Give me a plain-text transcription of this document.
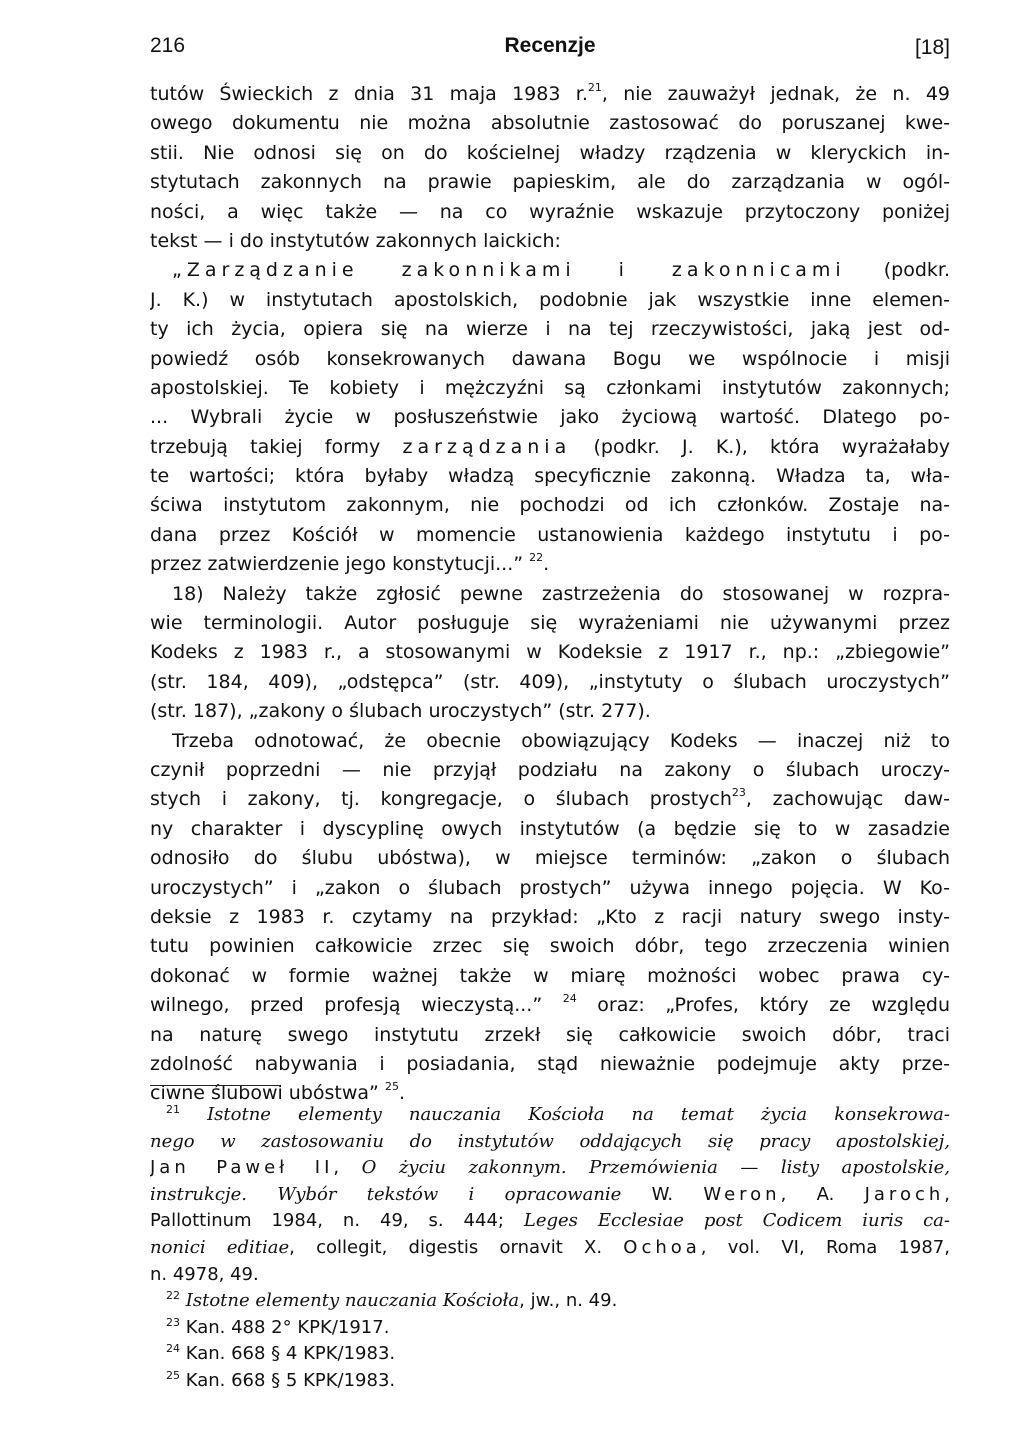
216	Recenzje	[18]
tutów Świeckich z dnia 31 maja 1983 r.$^{21}$, nie zauważył jednak, że n. 49
owego dokumentu nie można absolutnie zastosować do poruszanej kwe-
stii. Nie odnosi się on do kościelnej władzy rządzenia w kleryckich in-
stytutach zakonnych na prawie papieskim, ale do zarządzania w ogól-
ności, a więc także — na co wyraźnie wskazuje przytoczony poniżej
tekst — i do instytutów zakonnych laickich:
„Zarządzanie zakonnikami i zakonnicami (podkr.
J. K.) w instytutach apostolskich, podobnie jak wszystkie inne elemen-
ty ich życia, opiera się na wierze i na tej rzeczywistości, jaką jest od-
powiedź osób konsekrowanych dawana Bogu we wspólnocie i misji
apostolskiej. Te kobiety i mężczyźni są członkami instytutów zakonnych;
... Wybrali życie w posłuszeństwie jako życiową wartość. Dlatego po-
trzebują takiej formy zarządzania (podkr. J. K.), która wyrażałaby
te wartości; która byłaby władzą specyficznie zakonną. Władza ta, wła-
ściwa instytutom zakonnym, nie pochodzi od ich członków. Zostaje na-
dana przez Kościół w momencie ustanowienia każdego instytutu i po-
przez zatwierdzenie jego konstytucji...” $^{22}$.
18) Należy także zgłosić pewne zastrzeżenia do stosowanej w rozpra-
wie terminologii. Autor posługuje się wyrażeniami nie używanymi przez
Kodeks z 1983 r., a stosowanymi w Kodeksie z 1917 r., np.: „zbiegowie”
(str. 184, 409), „odstępca” (str. 409), „instytuty o ślubach uroczystych”
(str. 187), „zakony o ślubach uroczystych” (str. 277).
Trzeba odnotować, że obecnie obowiązujący Kodeks — inaczej niż to
czynił poprzedni — nie przyjął podziału na zakony o ślubach uroczy-
stych i zakony, tj. kongregacje, o ślubach prostych$^{23}$, zachowując daw-
ny charakter i dyscyplinę owych instytutów (a będzie się to w zasadzie
odnosiło do ślubu ubóstwa), w miejsce terminów: „zakon o ślubach
uroczystych” i „zakon o ślubach prostych” używa innego pojęcia. W Ko-
deksie z 1983 r. czytamy na przykład: „Kto z racji natury swego insty-
tutu powinien całkowicie zrzec się swoich dóbr, tego zrzeczenia winien
dokonać w formie ważnej także w miarę możności wobec prawa cy-
wilnego, przed profesją wieczystą...” $^{24}$ oraz: „Profes, który ze względu
na naturę swego instytutu zrzekł się całkowicie swoich dóbr, traci
zdolność nabywania i posiadania, stąd nieważnie podejmuje akty prze-
ciwne ślubowi ubóstwa” $^{25}$.
$^{21}$ Istotne elementy nauczania Kościoła na temat życia konsekrowa-
nego w zastosowaniu do instytutów oddających się pracy apostolskiej,
Jan Paweł II, O życiu zakonnym. Przemówienia — listy apostolskie,
instrukcje. Wybór tekstów i opracowanie W. Weron, A. Jaroch,
Pallottinum 1984, n. 49, s. 444; Leges Ecclesiae post Codicem iuris ca-
nonici editiae, collegit, digestis ornavit X. Ochoa, vol. VI, Roma 1987,
n. 4978, 49.
$^{22}$ Istotne elementy nauczania Kościoła, jw., n. 49.
$^{23}$ Kan. 488 2° KPK/1917.
$^{24}$ Kan. 668 § 4 KPK/1983.
$^{25}$ Kan. 668 § 5 KPK/1983.
